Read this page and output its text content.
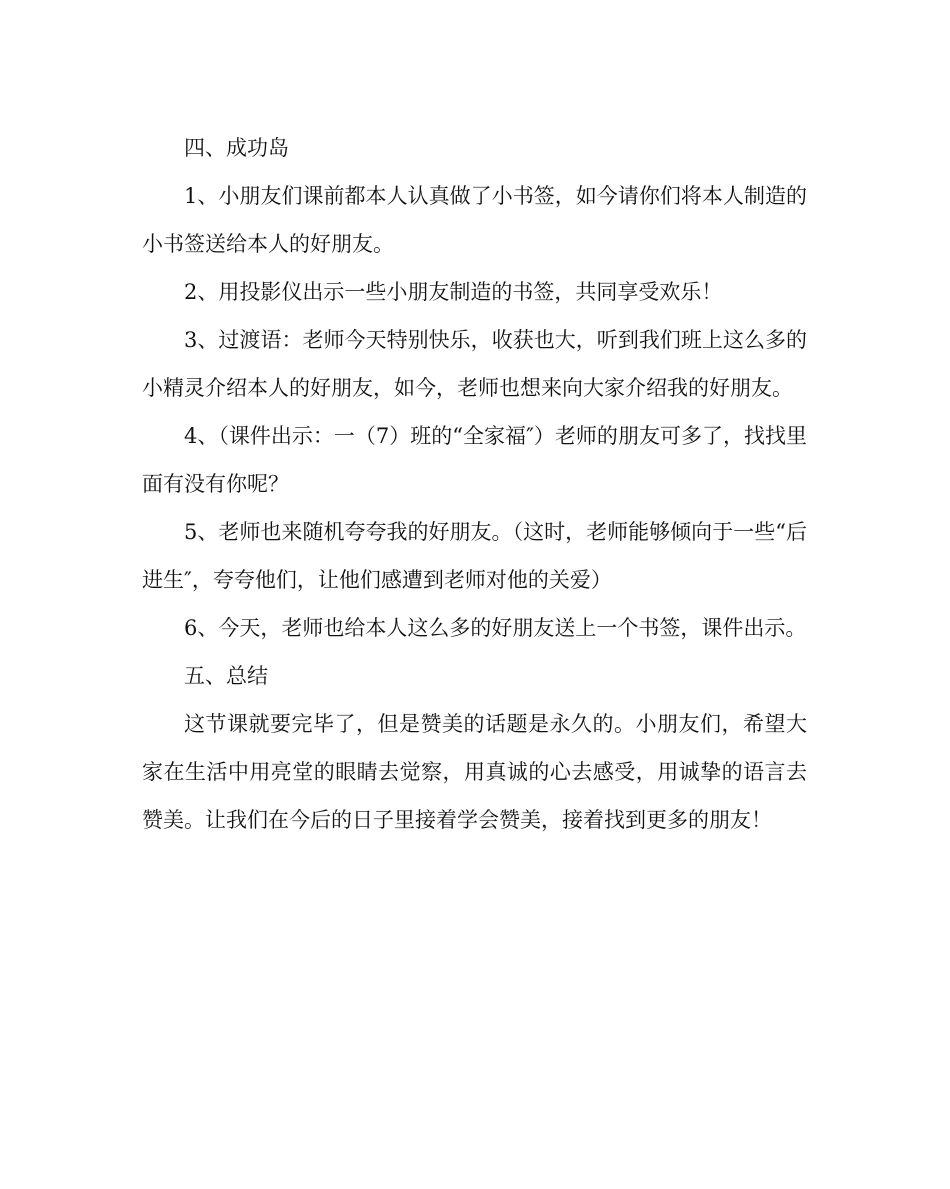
四、成功岛

1、小朋友们课前都本人认真做了小书签，如今请你们将本人制造的小书签送给本人的好朋友。

2、用投影仪出示一些小朋友制造的书签，共同享受欢乐！

3、过渡语：老师今天特别快乐，收获也大，听到我们班上这么多的小精灵介绍本人的好朋友，如今，老师也想来向大家介绍我的好朋友。

4、（课件出示：一（7）班的“全家福″）老师的朋友可多了，找找里面有没有你呢？

5、老师也来随机夸夸我的好朋友。（这时，老师能够倾向于一些“后进生″，夸夸他们，让他们感遭到老师对他的关爱）

6、今天，老师也给本人这么多的好朋友送上一个书签，课件出示。

五、总结

这节课就要完毕了，但是赞美的话题是永久的。小朋友们，希望大家在生活中用亮堂的眼睛去觉察，用真诚的心去感受，用诚挚的语言去赞美。让我们在今后的日子里接着学会赞美，接着找到更多的朋友！
